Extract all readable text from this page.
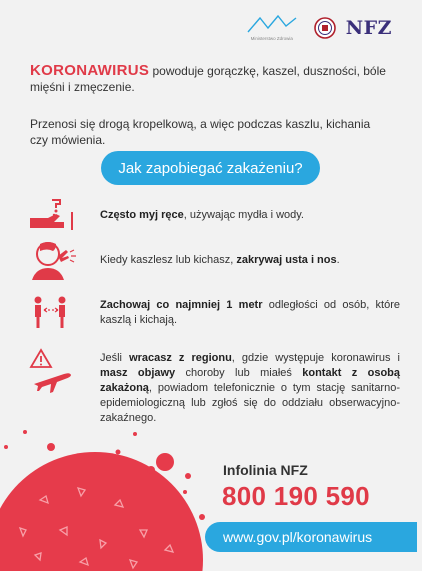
Ministerstwo Zdrowia	NFZ
KORONAWIRUS powoduje gorączkę, kaszel, duszności, bóle mięśni i zmęczenie.
Przenosi się drogą kropelkową, a więc podczas kaszlu, kichania czy mówienia.
Jak zapobiegać zakażeniu?
Często myj ręce, używając mydła i wody.
Kiedy kaszlesz lub kichasz, zakrywaj usta i nos.
Zachowaj co najmniej 1 metr odległości od osób, które kaszlą i kichają.
Jeśli wracasz z regionu, gdzie występuje koronawirus i masz objawy choroby lub miałeś kontakt z osobą zakażoną, powiadom telefonicznie o tym stację sanitarno-epidemiologiczną lub zgłoś się do oddziału obserwacyjno-zakaźnego.
Infolinia NFZ
800 190 590
www.gov.pl/koronawirus
